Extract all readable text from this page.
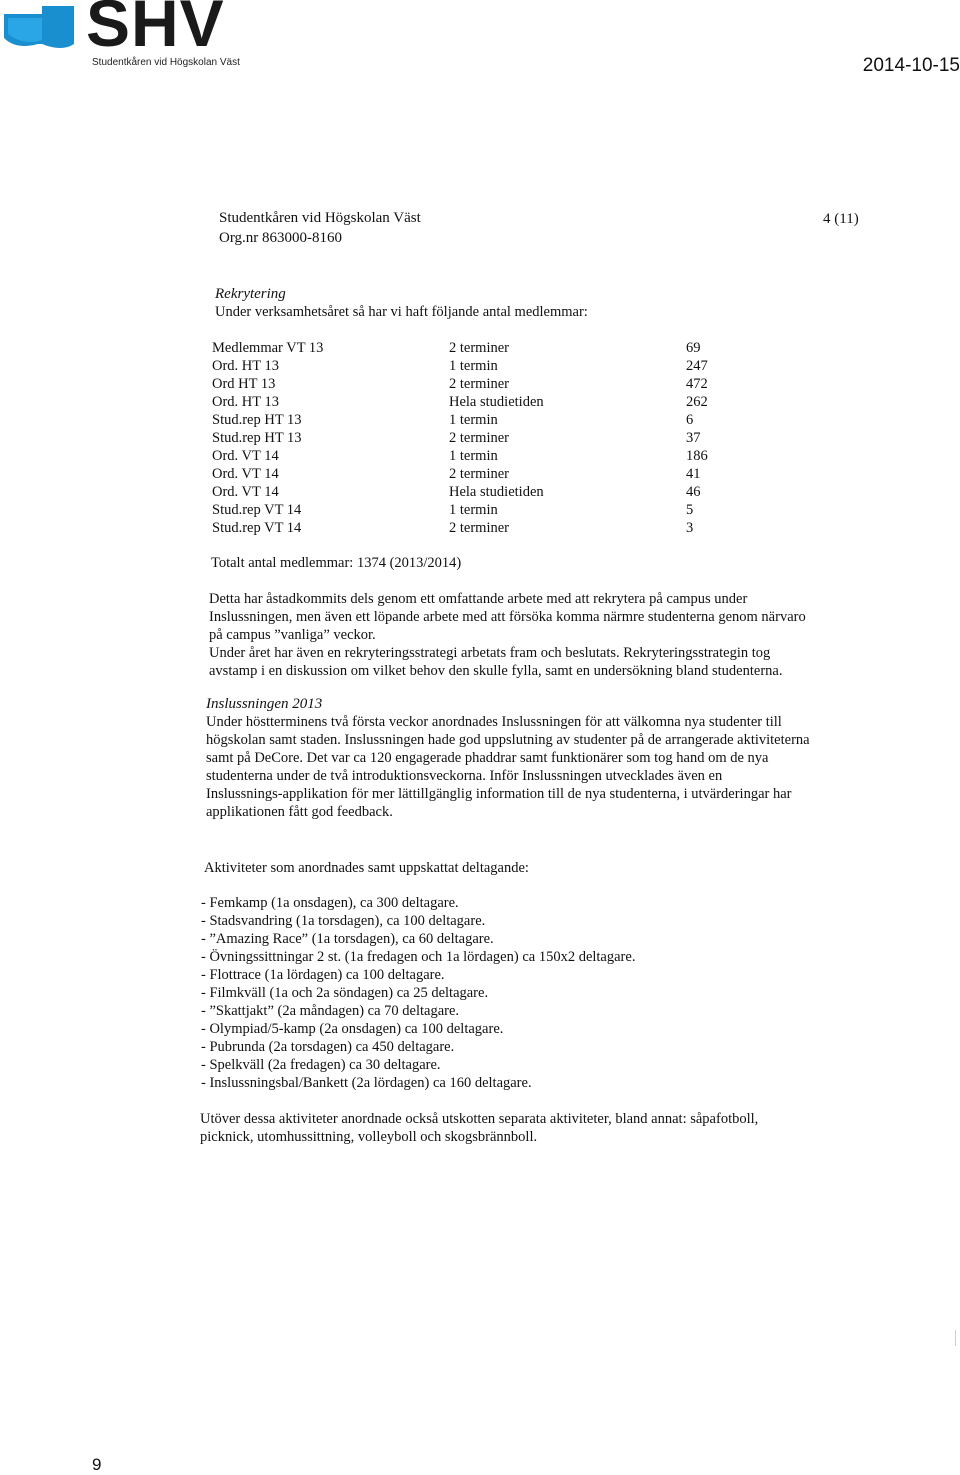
SHV
Studentkåren vid Högskolan Väst	2014-10-15
Studentkåren vid Högskolan Väst
Org.nr 863000-8160
4 (11)
Rekrytering
Under verksamhetsåret så har vi haft följande antal medlemmar:
Medlemmar VT 13	2 terminer	69
Ord. HT 13	1 termin	247
Ord HT 13	2 terminer	472
Ord. HT 13	Hela studietiden	262
Stud.rep HT 13	1 termin	6
Stud.rep HT 13	2 terminer	37
Ord. VT 14	1 termin	186
Ord. VT 14	2 terminer	41
Ord. VT 14	Hela studietiden	46
Stud.rep VT 14	1 termin	5
Stud.rep VT 14	2 terminer	3
Totalt antal medlemmar: 1374 (2013/2014)
Detta har åstadkommits dels genom ett omfattande arbete med att rekrytera på campus under
Inslussningen, men även ett löpande arbete med att försöka komma närmre studenterna genom närvaro
på campus ”vanliga” veckor.
Under året har även en rekryteringsstrategi arbetats fram och beslutats. Rekryteringsstrategin tog
avstamp i en diskussion om vilket behov den skulle fylla, samt en undersökning bland studenterna.
Inslussningen 2013
Under höstterminens två första veckor anordnades Inslussningen för att välkomna nya studenter till
högskolan samt staden. Inslussningen hade god uppslutning av studenter på de arrangerade aktiviteterna
samt på DeCore. Det var ca 120 engagerade phaddrar samt funktionärer som tog hand om de nya
studenterna under de två introduktionsveckorna. Inför Inslussningen utvecklades även en
Inslussnings-applikation för mer lättillgänglig information till de nya studenterna, i utvärderingar har
applikationen fått god feedback.
Aktiviteter som anordnades samt uppskattat deltagande:
- Femkamp (1a onsdagen), ca 300 deltagare.
- Stadsvandring (1a torsdagen), ca 100 deltagare.
- ”Amazing Race” (1a torsdagen), ca 60 deltagare.
- Övningssittningar 2 st. (1a fredagen och 1a lördagen) ca 150x2 deltagare.
- Flottrace (1a lördagen) ca 100 deltagare.
- Filmkväll (1a och 2a söndagen) ca 25 deltagare.
- ”Skattjakt” (2a måndagen) ca 70 deltagare.
- Olympiad/5-kamp (2a onsdagen) ca 100 deltagare.
- Pubrunda (2a torsdagen) ca 450 deltagare.
- Spelkväll (2a fredagen) ca 30 deltagare.
- Inslussningsbal/Bankett (2a lördagen) ca 160 deltagare.
Utöver dessa aktiviteter anordnade också utskotten separata aktiviteter, bland annat: såpafotboll,
picknick, utomhussittning, volleyboll och skogsbrännboll.
9
